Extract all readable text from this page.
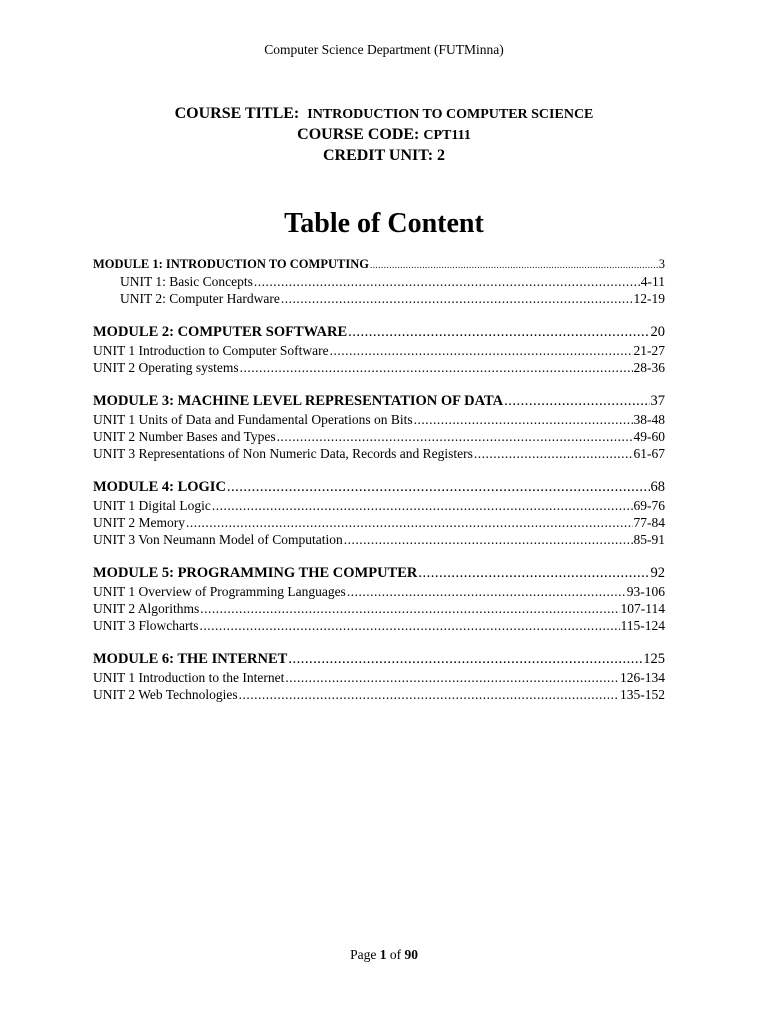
Computer Science Department (FUTMinna)
COURSE TITLE: INTRODUCTION TO COMPUTER SCIENCE
COURSE CODE: CPT111
CREDIT UNIT: 2
Table of Content
MODULE 1: INTRODUCTION TO COMPUTING .....	3
UNIT 1: Basic Concepts .....	4-11
UNIT 2: Computer Hardware .....	12-19
MODULE 2: COMPUTER SOFTWARE .....	20
UNIT 1 Introduction to Computer Software .....	21-27
UNIT 2 Operating systems .....	28-36
MODULE 3: MACHINE LEVEL REPRESENTATION OF DATA .....	37
UNIT 1 Units of Data and Fundamental Operations on Bits .....	38-48
UNIT 2 Number Bases and Types .....	49-60
UNIT 3 Representations of Non Numeric Data, Records and Registers .....	61-67
MODULE 4: LOGIC .....	68
UNIT 1 Digital Logic .....	69-76
UNIT 2 Memory .....	77-84
UNIT 3 Von Neumann Model of Computation .....	85-91
MODULE 5: PROGRAMMING THE COMPUTER .....	92
UNIT 1 Overview of Programming Languages .....	93-106
UNIT 2 Algorithms .....	107-114
UNIT 3 Flowcharts .....	115-124
MODULE 6: THE INTERNET .....	125
UNIT 1 Introduction to the Internet .....	126-134
UNIT 2 Web Technologies .....	135-152
Page 1 of 90
